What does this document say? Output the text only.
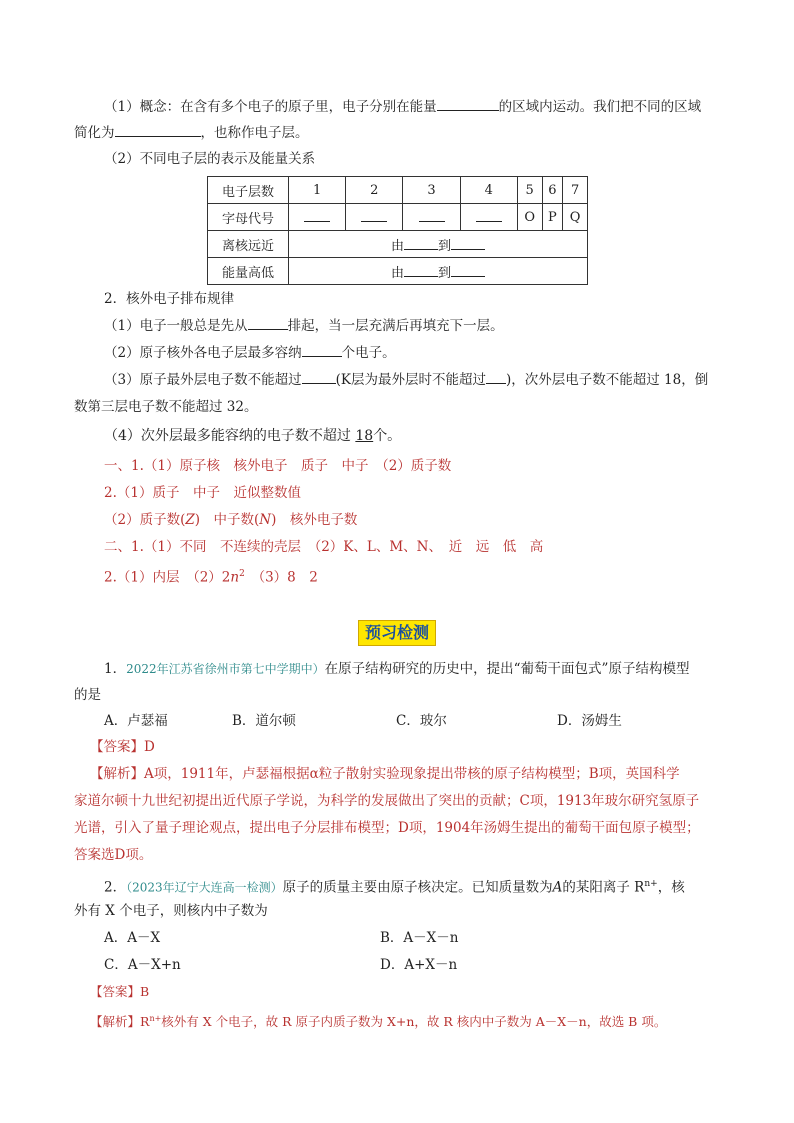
（1）概念：在含有多个电子的原子里，电子分别在能量	的区域内运动。我们把不同的区域
简化为	，也称作电子层。
（2）不同电子层的表示及能量关系
电子层数	1	2	3	4	5	6	7
字母代号					O	P	Q
离核远近	由 到						
能量高低	由 到						
2．核外电子排布规律
（1）电子一般总是先从	排起，当一层充满后再填充下一层。
（2）原子核外各电子层最多容纳	个电子。
（3）原子最外层电子数不能超过	(K层为最外层时不能超过 )，次外层电子数不能超过 18，倒
数第三层电子数不能超过 32。
（4）次外层最多能容纳的电子数不超过 18个。
一、1.（1）原子核　核外电子　质子　中子　（2）质子数
2.（1）质子　中子　近似整数值
（2）质子数(Z)　中子数(N)　核外电子数
二、1.（1）不同　不连续的壳层　（2）K、L、M、N、　近　远　低　高
2.（1）内层　$(2)2n^2$　（3）8　2
预习检测
1．2022年江苏省徐州市第七中学期中）在原子结构研究的历史中，提出“葡萄干面包式”原子结构模型
的是
A．卢瑟福	B．道尔顿	C．玻尔	D．汤姆生
【答案】D
【解析】A项，1911年，卢瑟福根据α粒子散射实验现象提出带核的原子结构模型；B项，英国科学
家道尔顿十九世纪初提出近代原子学说，为科学的发展做出了突出的贡献；C项，1913年玻尔研究氢原子
光谱，引入了量子理论观点，提出电子分层排布模型；D项，1904年汤姆生提出的葡萄干面包原子模型；
答案选D项。
2．（2023年辽宁大连高一检测）原子的质量主要由原子核决定。已知质量数为A的某阳离子 $R^{n+}$，核
外有 X 个电子，则核内中子数为
A．A－X	B．A－X－n
C．A－X+n	D．A+X－n
【答案】B
【解析】$R^{n+}$核外有 X 个电子，故 R 原子内质子数为 X+n，故 R 核内中子数为 A－X－n，故选 B 项。
